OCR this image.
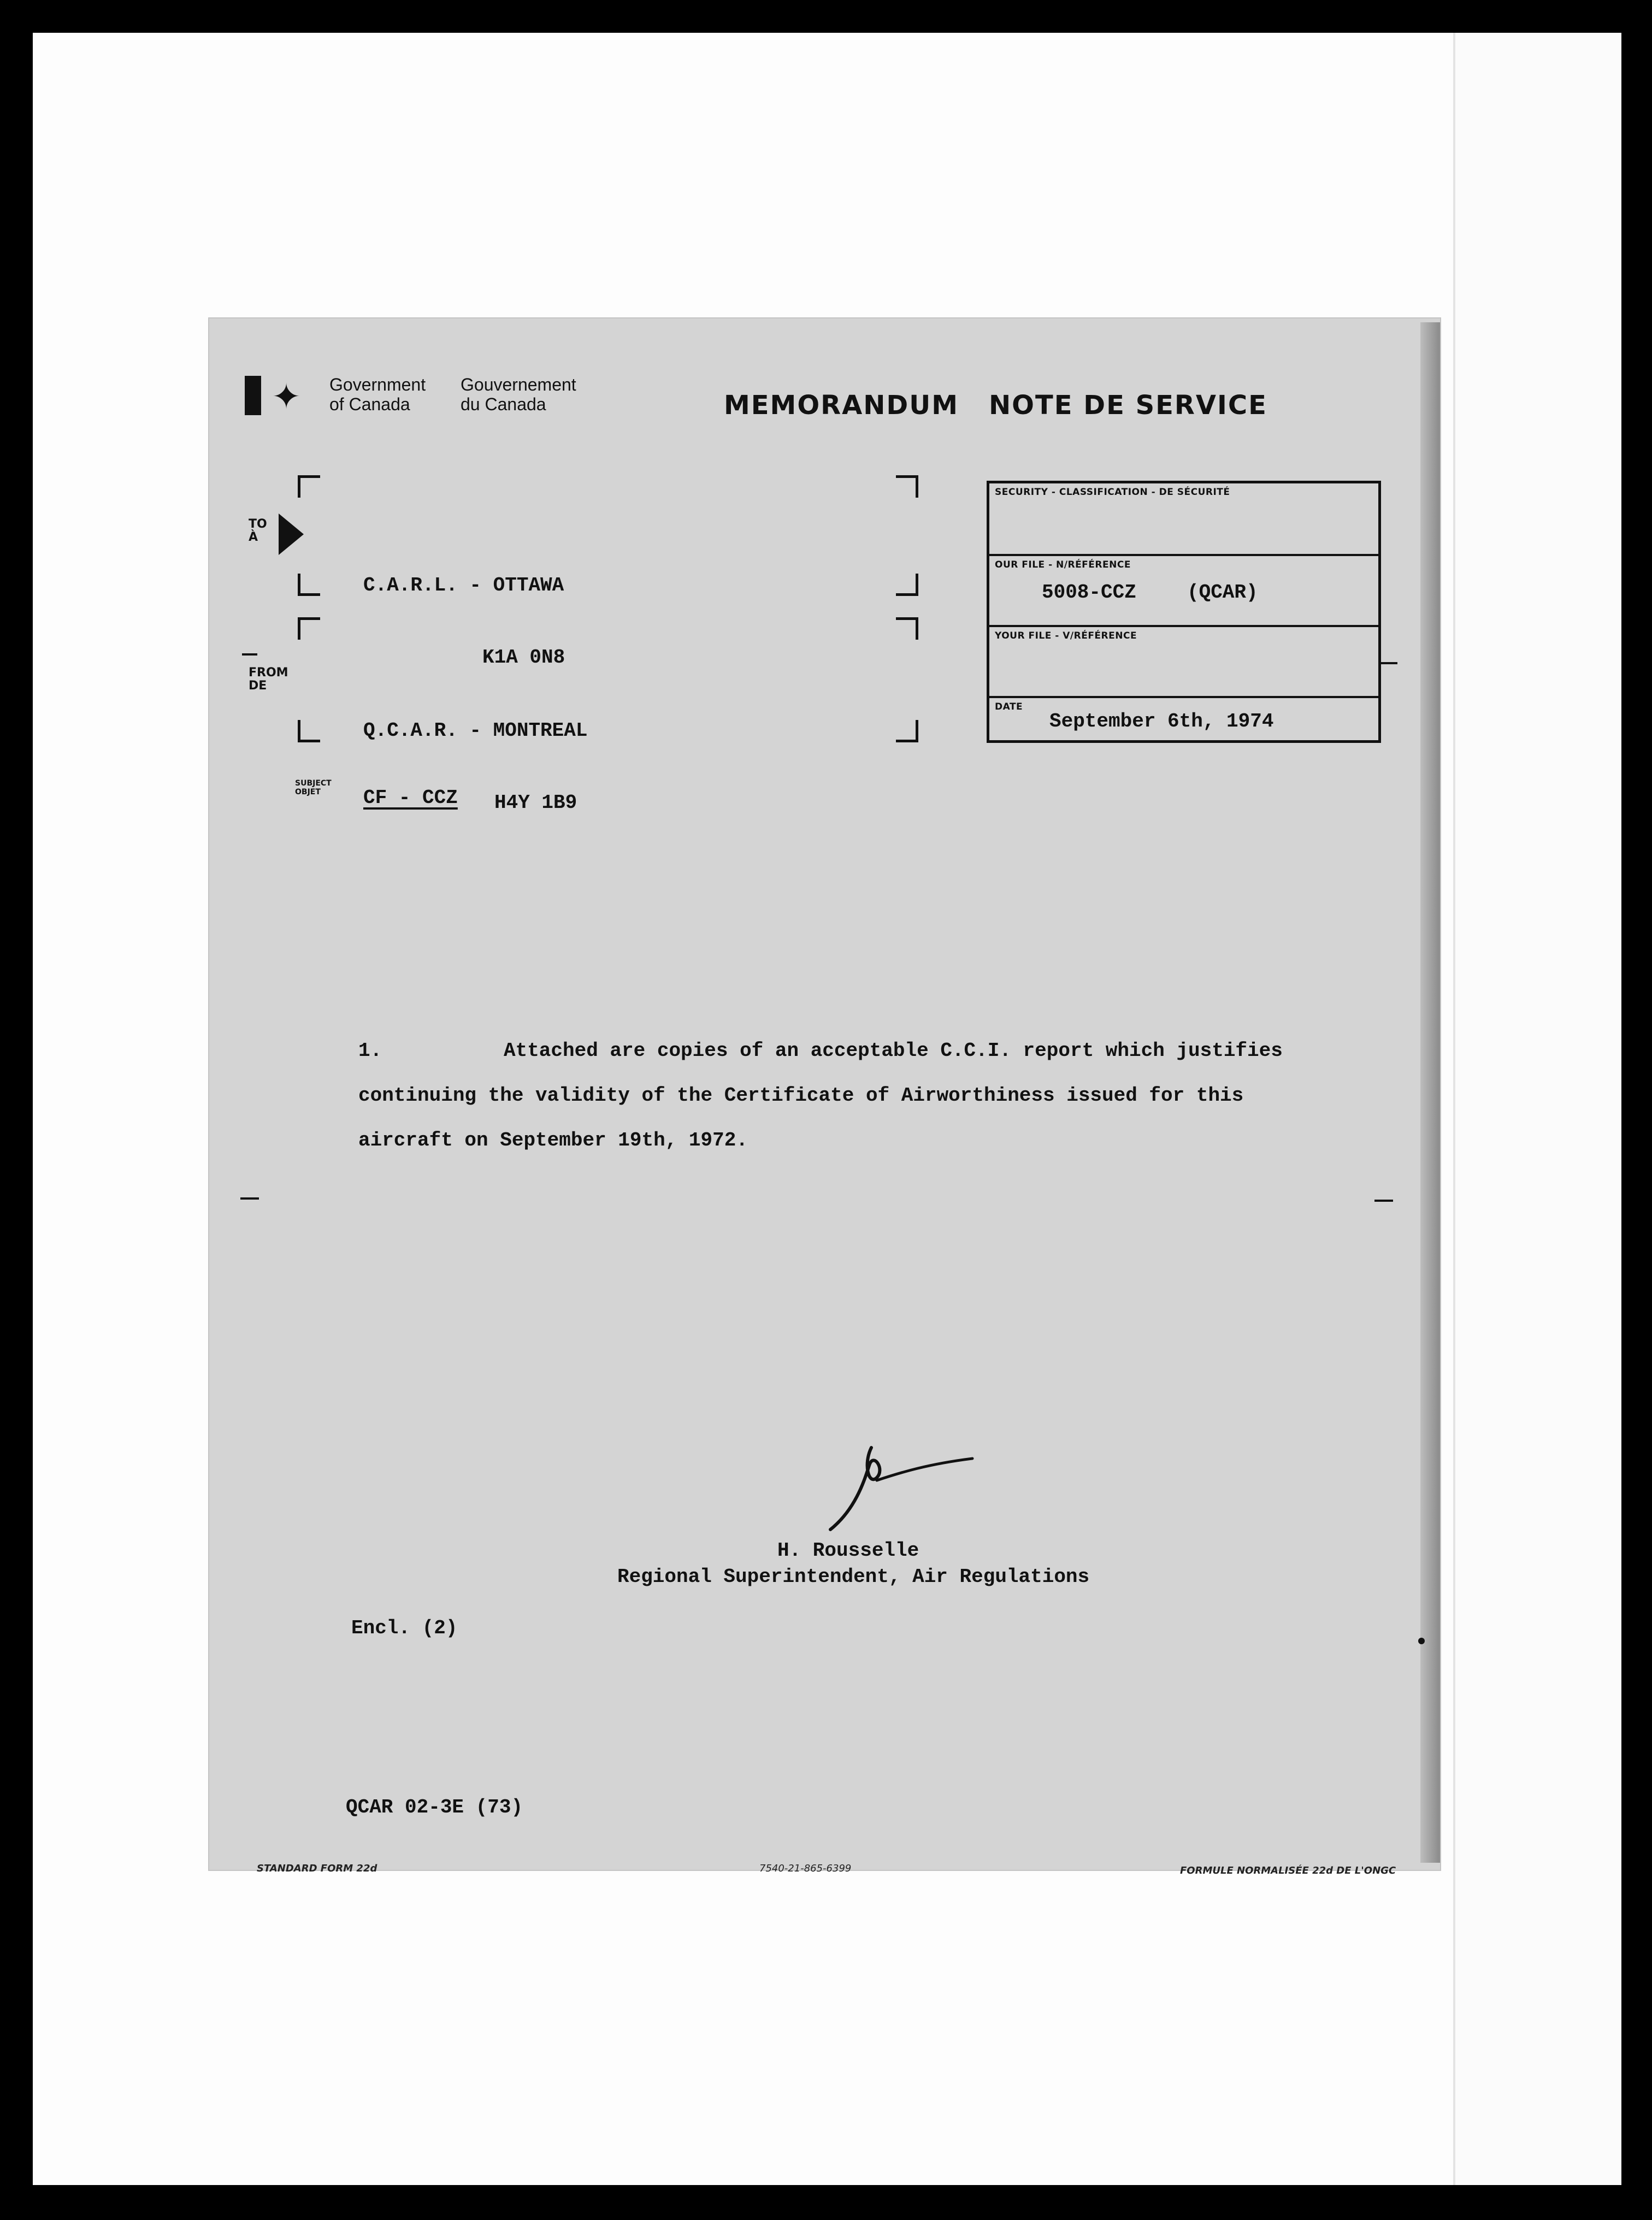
✦ Government
of Canada
Gouvernement
du Canada	MEMORANDUM NOTE DE SERVICE
TO
À

C.A.R.L. - OTTAWA

K1A 0N8

FROM
DE

Q.C.A.R. - MONTREAL

H4Y 1B9

SUBJECT
OBJET	CF - CCZ
SECURITY - CLASSIFICATION - DE SÉCURITÉ
OUR FILE - N/RÉFÉRENCE
5008-CCZ	(QCAR)
YOUR FILE - V/RÉFÉRENCE
DATE
September 6th, 1974
1.	Attached are copies of an acceptable C.C.I. report which justifies
continuing the validity of the Certificate of Airworthiness issued for this
aircraft on September 19th, 1972.
H. Rousselle
Regional Superintendent, Air Regulations
Encl. (2)
QCAR 02-3E (73)
STANDARD FORM 22d	7540-21-865-6399	FORMULE NORMALISÉE 22d DE L'ONGC
